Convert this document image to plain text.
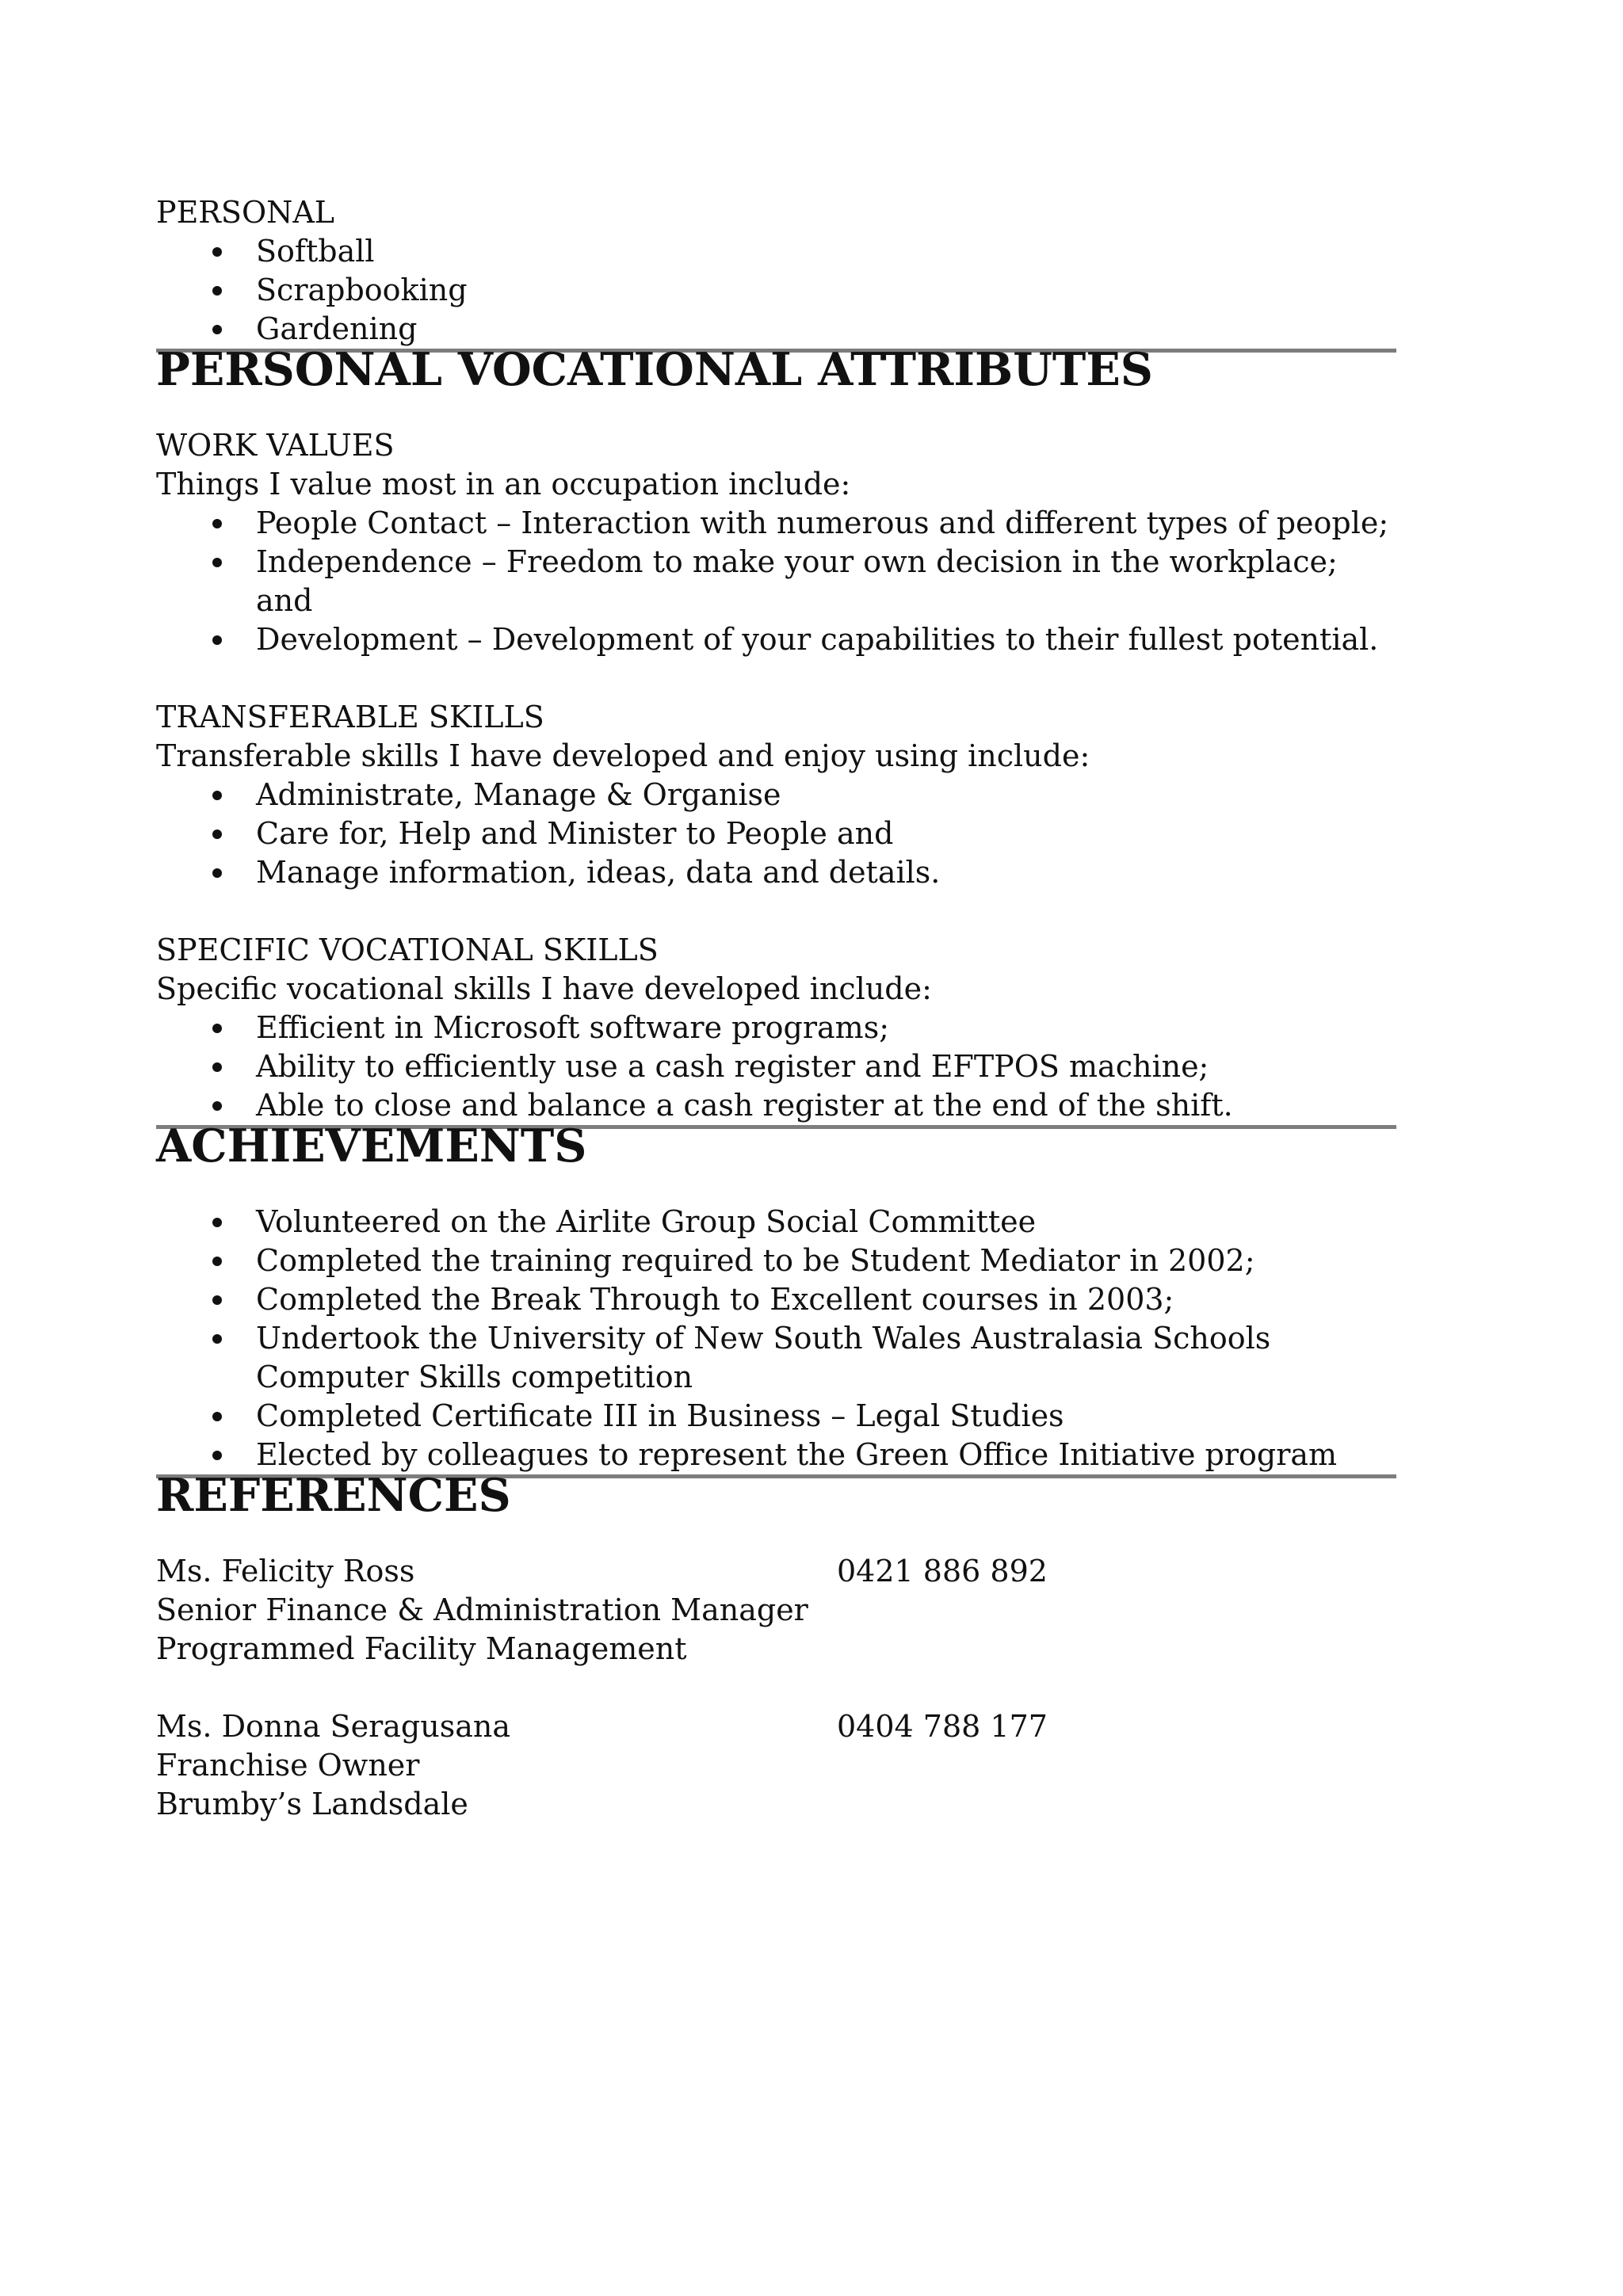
PERSONAL

Softball
Scrapbooking
Gardening
PERSONAL VOCATIONAL ATTRIBUTES

WORK VALUES

Things I value most in an occupation include:

People Contact – Interaction with numerous and different types of people;
Independence – Freedom to make your own decision in the workplace; and
Development – Development of your capabilities to their fullest potential.

TRANSFERABLE SKILLS

Transferable skills I have developed and enjoy using include:

Administrate, Manage & Organise
Care for, Help and Minister to People and
Manage information, ideas, data and details.

SPECIFIC VOCATIONAL SKILLS

Specific vocational skills I have developed include:

Efficient in Microsoft software programs;
Ability to efficiently use a cash register and EFTPOS machine;
Able to close and balance a cash register at the end of the shift.
ACHIEVEMENTS
Volunteered on the Airlite Group Social Committee
Completed the training required to be Student Mediator in 2002;
Completed the Break Through to Excellent courses in 2003;
Undertook the University of New South Wales Australasia Schools Computer Skills competition
Completed Certificate III in Business – Legal Studies
Elected by colleagues to represent the Green Office Initiative program
REFERENCES
Ms. Felicity Ross	0421 886 892

Senior Finance & Administration Manager

Programmed Facility Management

Ms. Donna Seragusana	0404 788 177

Franchise Owner

Brumby’s Landsdale
